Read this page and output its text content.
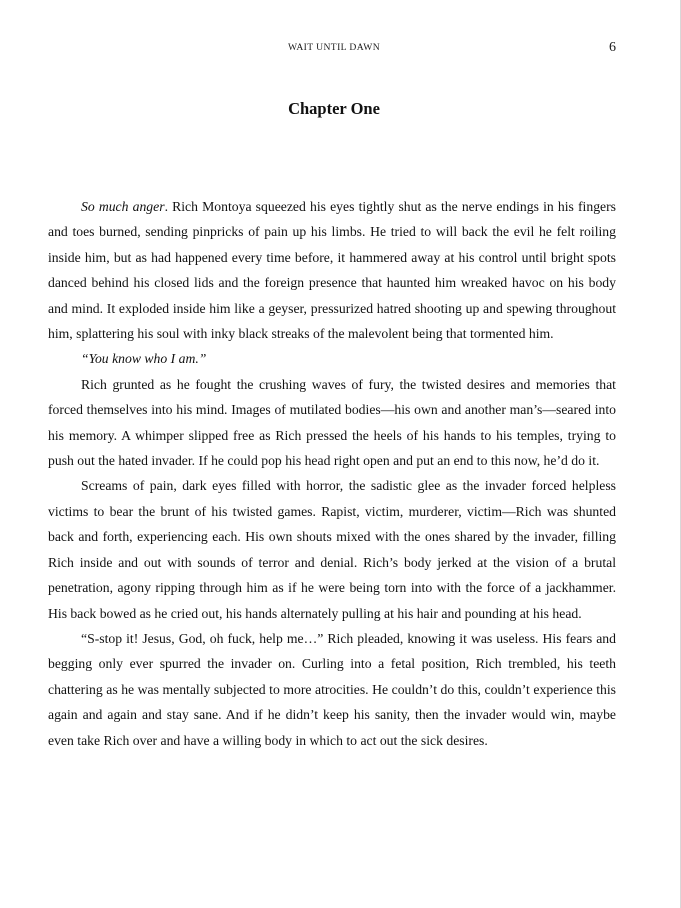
WAIT UNTIL DAWN	6
Chapter One

So much anger. Rich Montoya squeezed his eyes tightly shut as the nerve endings in his fingers and toes burned, sending pinpricks of pain up his limbs. He tried to will back the evil he felt roiling inside him, but as had happened every time before, it hammered away at his control until bright spots danced behind his closed lids and the foreign presence that haunted him wreaked havoc on his body and mind. It exploded inside him like a geyser, pressurized hatred shooting up and spewing throughout him, splattering his soul with inky black streaks of the malevolent being that tormented him.

“You know who I am.”

Rich grunted as he fought the crushing waves of fury, the twisted desires and memories that forced themselves into his mind. Images of mutilated bodies—his own and another man’s—seared into his memory. A whimper slipped free as Rich pressed the heels of his hands to his temples, trying to push out the hated invader. If he could pop his head right open and put an end to this now, he’d do it.

Screams of pain, dark eyes filled with horror, the sadistic glee as the invader forced helpless victims to bear the brunt of his twisted games. Rapist, victim, murderer, victim—Rich was shunted back and forth, experiencing each. His own shouts mixed with the ones shared by the invader, filling Rich inside and out with sounds of terror and denial. Rich’s body jerked at the vision of a brutal penetration, agony ripping through him as if he were being torn into with the force of a jackhammer. His back bowed as he cried out, his hands alternately pulling at his hair and pounding at his head.

“S-stop it! Jesus, God, oh fuck, help me…” Rich pleaded, knowing it was useless. His fears and begging only ever spurred the invader on. Curling into a fetal position, Rich trembled, his teeth chattering as he was mentally subjected to more atrocities. He couldn’t do this, couldn’t experience this again and again and stay sane. And if he didn’t keep his sanity, then the invader would win, maybe even take Rich over and have a willing body in which to act out the sick desires.
